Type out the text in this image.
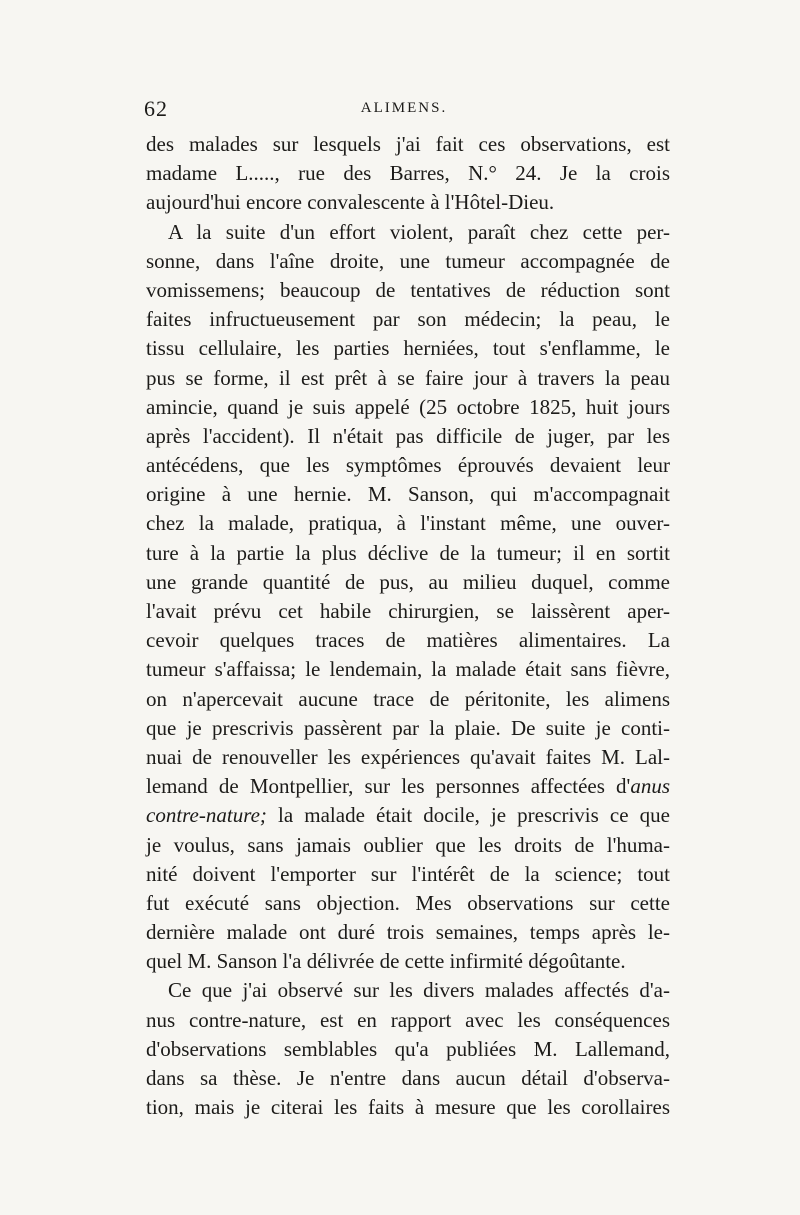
62	ALIMENS.
des malades sur lesquels j'ai fait ces observations, est
madame L....., rue des Barres, N.° 24. Je la crois
aujourd'hui encore convalescente à l'Hôtel-Dieu.
A la suite d'un effort violent, paraît chez cette per-
sonne, dans l'aîne droite, une tumeur accompagnée de
vomissemens; beaucoup de tentatives de réduction sont
faites infructueusement par son médecin; la peau, le
tissu cellulaire, les parties herniées, tout s'enflamme, le
pus se forme, il est prêt à se faire jour à travers la peau
amincie, quand je suis appelé (25 octobre 1825, huit jours
après l'accident). Il n'était pas difficile de juger, par les
antécédens, que les symptômes éprouvés devaient leur
origine à une hernie. M. Sanson, qui m'accompagnait
chez la malade, pratiqua, à l'instant même, une ouver-
ture à la partie la plus déclive de la tumeur; il en sortit
une grande quantité de pus, au milieu duquel, comme
l'avait prévu cet habile chirurgien, se laissèrent aper-
cevoir quelques traces de matières alimentaires. La
tumeur s'affaissa; le lendemain, la malade était sans fièvre,
on n'apercevait aucune trace de péritonite, les alimens
que je prescrivis passèrent par la plaie. De suite je conti-
nuai de renouveller les expériences qu'avait faites M. Lal-
lemand de Montpellier, sur les personnes affectées d'anus
contre-nature; la malade était docile, je prescrivis ce que
je voulus, sans jamais oublier que les droits de l'huma-
nité doivent l'emporter sur l'intérêt de la science; tout
fut exécuté sans objection. Mes observations sur cette
dernière malade ont duré trois semaines, temps après le-
quel M. Sanson l'a délivrée de cette infirmité dégoûtante.
Ce que j'ai observé sur les divers malades affectés d'a-
nus contre-nature, est en rapport avec les conséquences
d'observations semblables qu'a publiées M. Lallemand,
dans sa thèse. Je n'entre dans aucun détail d'observa-
tion, mais je citerai les faits à mesure que les corollaires
